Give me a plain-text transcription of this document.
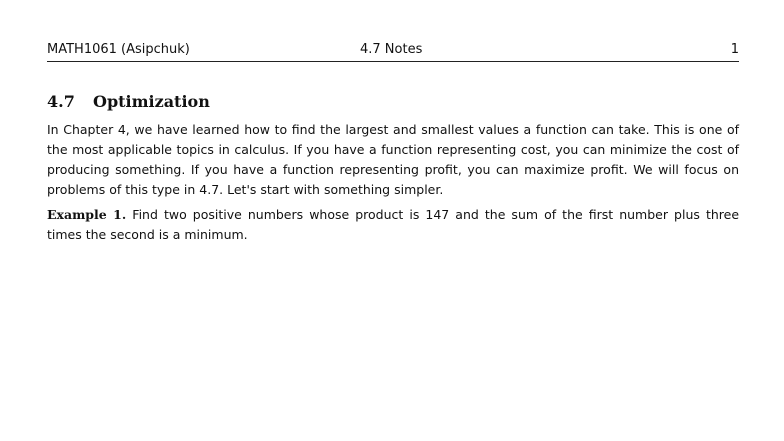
MATH1061 (Asipchuk)	4.7 Notes	1
4.7 Optimization
In Chapter 4, we have learned how to find the largest and smallest values a function can take. This is one of the most applicable topics in calculus. If you have a function representing cost, you can minimize the cost of producing something. If you have a function representing profit, you can maximize profit. We will focus on problems of this type in 4.7. Let's start with something simpler.
Example 1. Find two positive numbers whose product is 147 and the sum of the first number plus three times the second is a minimum.
